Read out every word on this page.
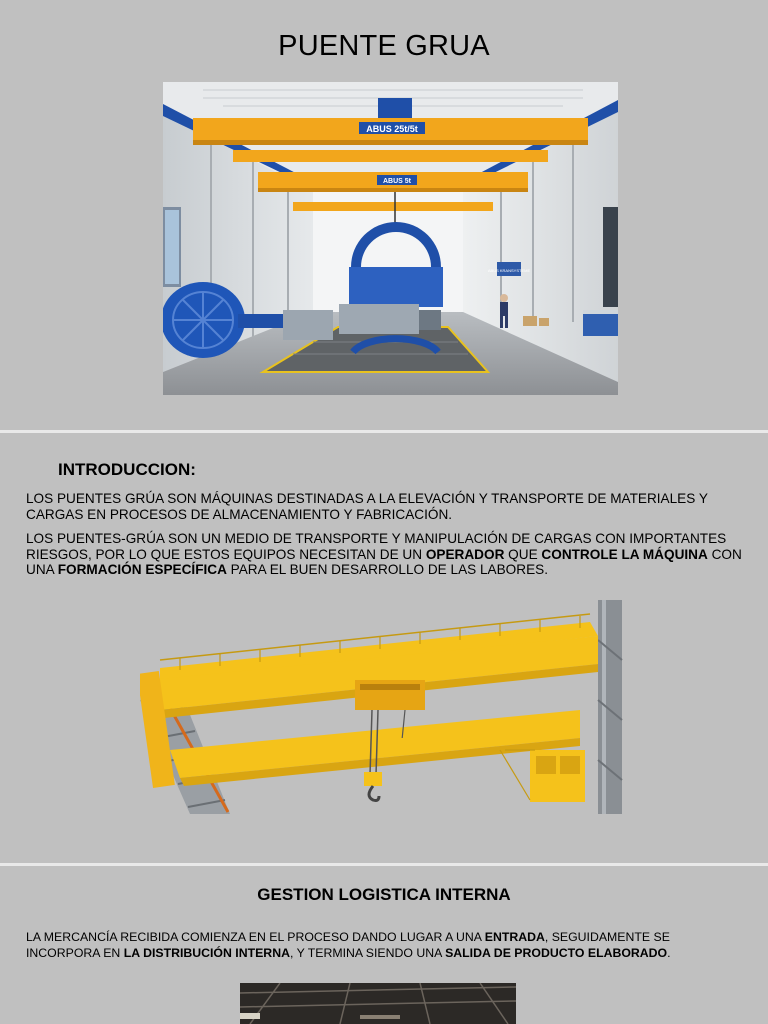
PUENTE GRUA
ABUS 25t/5t
ABUS 5t
ABUS KRANSYSTEME
INTRODUCCION:

LOS PUENTES GRÚA SON MÁQUINAS DESTINADAS A LA ELEVACIÓN Y TRANSPORTE DE MATERIALES Y CARGAS EN PROCESOS DE ALMACENAMIENTO Y FABRICACIÓN.

LOS PUENTES-GRÚA SON UN MEDIO DE TRANSPORTE Y MANIPULACIÓN DE CARGAS CON IMPORTANTES RIESGOS, POR LO QUE ESTOS EQUIPOS NECESITAN DE UN OPERADOR QUE CONTROLE LA MÁQUINA CON UNA FORMACIÓN ESPECÍFICA PARA EL BUEN DESARROLLO DE LAS LABORES.

GESTION LOGISTICA INTERNA

LA MERCANCÍA RECIBIDA COMIENZA EN EL PROCESO DANDO LUGAR A UNA ENTRADA, SEGUIDAMENTE SE INCORPORA EN LA DISTRIBUCIÓN INTERNA, Y TERMINA SIENDO UNA SALIDA DE PRODUCTO ELABORADO.
